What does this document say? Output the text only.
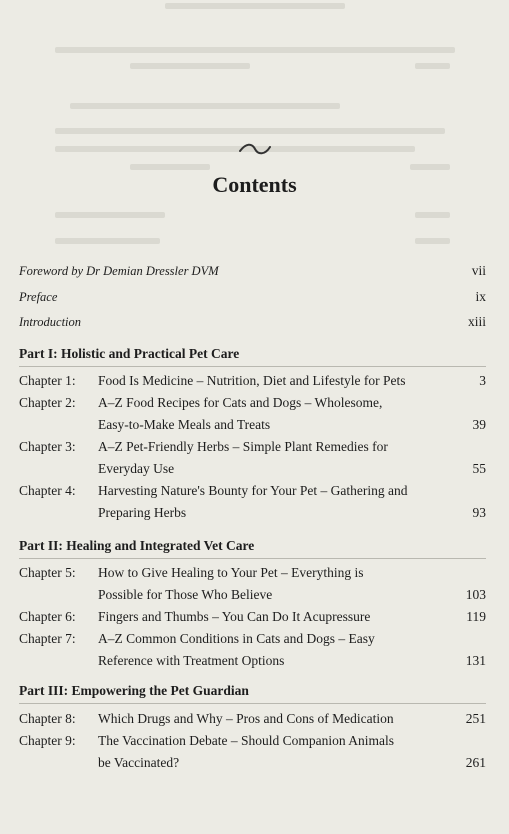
Contents
Foreword by Dr Demian Dressler DVM	vii
Preface	ix
Introduction	xiii
Part I: Holistic and Practical Pet Care
Chapter 1: Food Is Medicine – Nutrition, Diet and Lifestyle for Pets	3
Chapter 2: A–Z Food Recipes for Cats and Dogs – Wholesome,
Easy-to-Make Meals and Treats	39
Chapter 3: A–Z Pet-Friendly Herbs – Simple Plant Remedies for
Everyday Use	55
Chapter 4: Harvesting Nature's Bounty for Your Pet – Gathering and
Preparing Herbs	93
Part II: Healing and Integrated Vet Care
Chapter 5: How to Give Healing to Your Pet – Everything is
Possible for Those Who Believe	103
Chapter 6: Fingers and Thumbs – You Can Do It Acupressure	119
Chapter 7: A–Z Common Conditions in Cats and Dogs – Easy
Reference with Treatment Options	131
Part III: Empowering the Pet Guardian
Chapter 8: Which Drugs and Why – Pros and Cons of Medication	251
Chapter 9: The Vaccination Debate – Should Companion Animals
be Vaccinated?	261
